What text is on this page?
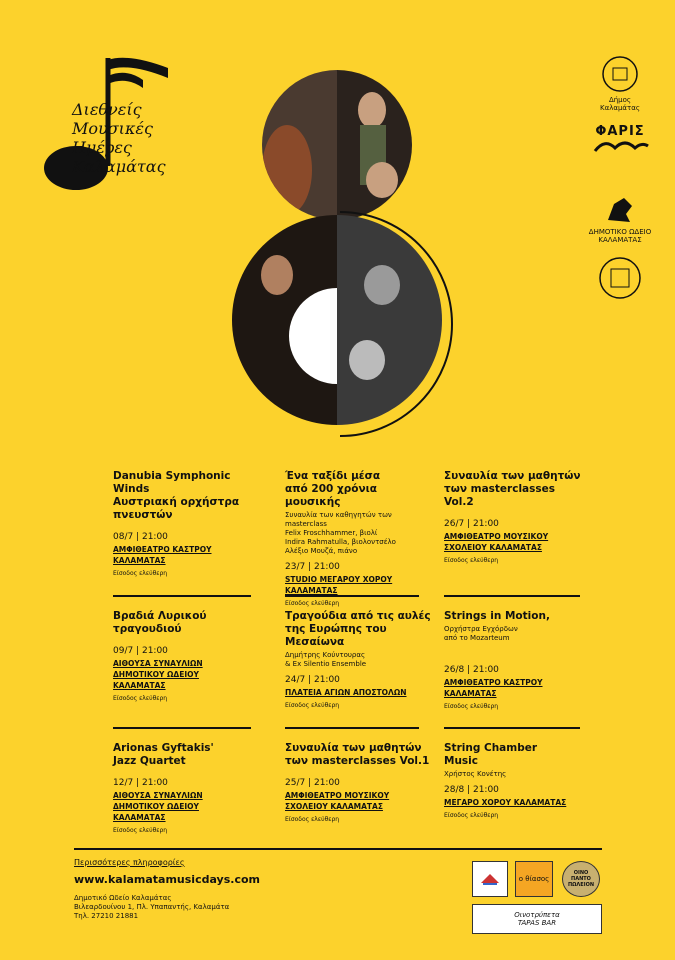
Διεθνείς
Μουσικές
Ημέρες
Καλαμάτας
Δήμος
Καλαμάτας
ΦΑΡΙΣ
ΔΗΜΟΤΙΚΟ ΩΔΕΙΟ
ΚΑΛΑΜΑΤΑΣ
Danubia Symphonic Winds
Αυστριακή ορχήστρα
πνευστών
08/7 | 21:00
ΑΜΦΙΘΕΑΤΡΟ ΚΑΣΤΡΟΥ ΚΑΛΑΜΑΤΑΣ
Είσοδος ελεύθερη
Ένα ταξίδι μέσα
από 200 χρόνια μουσικής
Συναυλία των καθηγητών των masterclass
Felix Froschhammer, βιολί
Indira Rahmatulla, βιολοντσέλο
Αλέξιο Μουζά, πιάνο
23/7 | 21:00
STUDIO ΜΕΓΑΡΟΥ ΧΟΡΟΥ ΚΑΛΑΜΑΤΑΣ
Είσοδος ελεύθερη
Συναυλία των μαθητών
των masterclasses Vol.2
26/7 | 21:00
ΑΜΦΙΘΕΑΤΡΟ ΜΟΥΣΙΚΟΥ
ΣΧΟΛΕΙΟΥ ΚΑΛΑΜΑΤΑΣ
Είσοδος ελεύθερη
Βραδιά Λυρικού
τραγουδιού
09/7 | 21:00
ΑΙΘΟΥΣΑ ΣΥΝΑΥΛΙΩΝ
ΔΗΜΟΤΙΚΟΥ ΩΔΕΙΟΥ ΚΑΛΑΜΑΤΑΣ
Είσοδος ελεύθερη
Τραγούδια από τις αυλές
της Ευρώπης του Μεσαίωνα
Δημήτρης Κούντουρας
& Ex Silentio Ensemble
24/7 | 21:00
ΠΛΑΤΕΙΑ ΑΓΙΩΝ ΑΠΟΣΤΟΛΩΝ
Είσοδος ελεύθερη
Strings in Motion,
Ορχήστρα Εγχόρδων
από το Mozarteum
26/8 | 21:00
ΑΜΦΙΘΕΑΤΡΟ ΚΑΣΤΡΟΥ ΚΑΛΑΜΑΤΑΣ
Είσοδος ελεύθερη
Arionas Gyftakis'
Jazz Quartet
12/7 | 21:00
ΑΙΘΟΥΣΑ ΣΥΝΑΥΛΙΩΝ
ΔΗΜΟΤΙΚΟΥ ΩΔΕΙΟΥ ΚΑΛΑΜΑΤΑΣ
Είσοδος ελεύθερη
Συναυλία των μαθητών
των masterclasses Vol.1
25/7 | 21:00
ΑΜΦΙΘΕΑΤΡΟ ΜΟΥΣΙΚΟΥ
ΣΧΟΛΕΙΟΥ ΚΑΛΑΜΑΤΑΣ
Είσοδος ελεύθερη
String Chamber
Music
Χρήστος Κονέτης
28/8 | 21:00
ΜΕΓΑΡΟ ΧΟΡΟΥ ΚΑΛΑΜΑΤΑΣ
Είσοδος ελεύθερη
Περισσότερες πληροφορίες
www.kalamatamusicdays.com
Δημοτικό Ωδείο Καλαμάτας
Βιλεαρδουίνου 1, Πλ. Υπαπαντής, Καλαμάτα
Τηλ. 27210 21881
ο θίασος
ΟΙΝΟ
ΠΑΝΤΟ
ΠΩΛΕΙΟΝ
Οινοτρύπετα
TAPAS BAR
